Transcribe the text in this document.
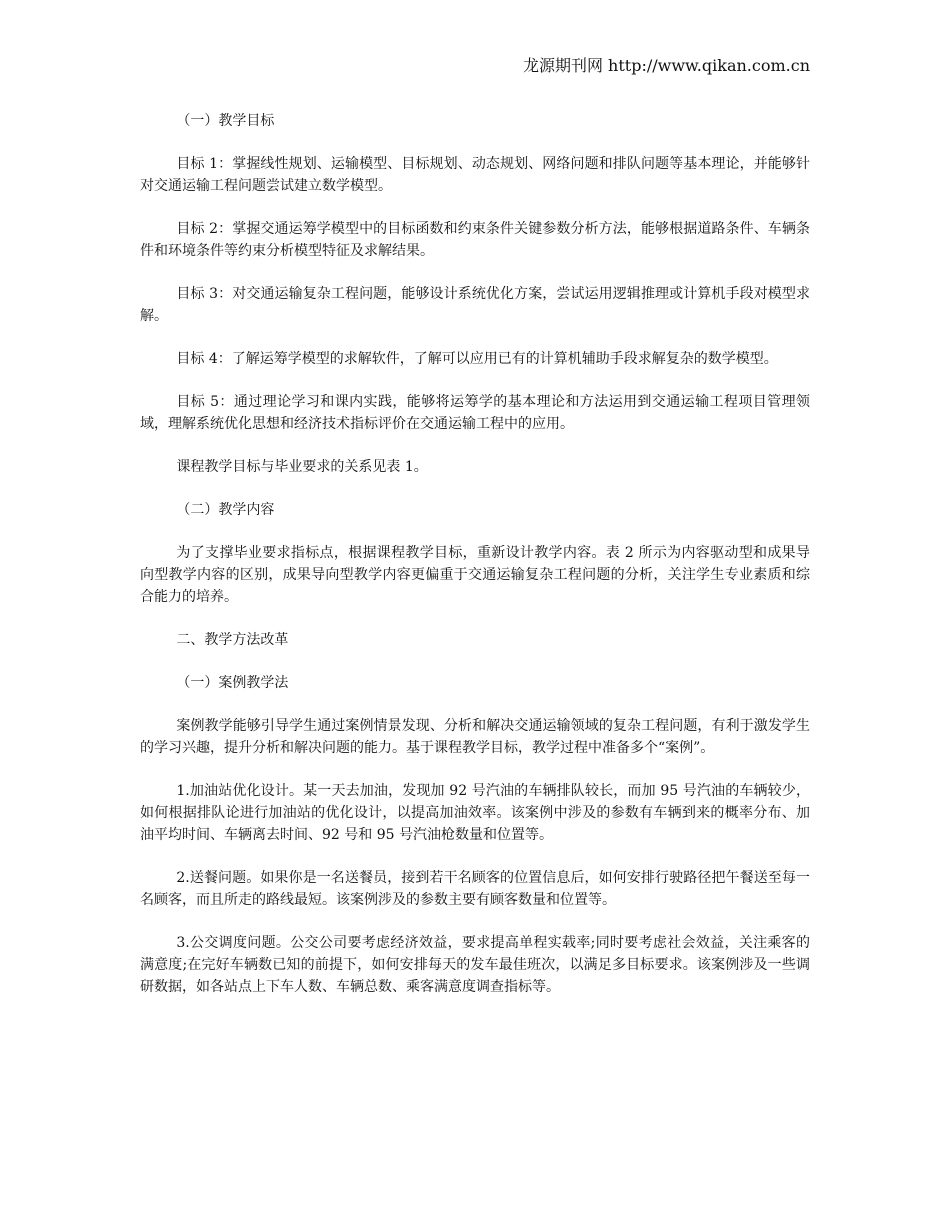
龙源期刊网 http://www.qikan.com.cn

（一）教学目标

目标 1：掌握线性规划、运输模型、目标规划、动态规划、网络问题和排队问题等基本理论，并能够针对交通运输工程问题尝试建立数学模型。

目标 2：掌握交通运筹学模型中的目标函数和约束条件关键参数分析方法，能够根据道路条件、车辆条件和环境条件等约束分析模型特征及求解结果。

目标 3：对交通运输复杂工程问题，能够设计系统优化方案，尝试运用逻辑推理或计算机手段对模型求解。

目标 4：了解运筹学模型的求解软件，了解可以应用已有的计算机辅助手段求解复杂的数学模型。

目标 5：通过理论学习和课内实践，能够将运筹学的基本理论和方法运用到交通运输工程项目管理领域，理解系统优化思想和经济技术指标评价在交通运输工程中的应用。

课程教学目标与毕业要求的关系见表 1。

（二）教学内容

为了支撑毕业要求指标点，根据课程教学目标，重新设计教学内容。表 2 所示为内容驱动型和成果导向型教学内容的区别，成果导向型教学内容更偏重于交通运输复杂工程问题的分析，关注学生专业素质和综合能力的培养。

二、教学方法改革

（一）案例教学法

案例教学能够引导学生通过案例情景发现、分析和解决交通运输领域的复杂工程问题，有利于激发学生的学习兴趣，提升分析和解决问题的能力。基于课程教学目标，教学过程中准备多个“案例”。

1.加油站优化设计。某一天去加油，发现加 92 号汽油的车辆排队较长，而加 95 号汽油的车辆较少，如何根据排队论进行加油站的优化设计，以提高加油效率。该案例中涉及的参数有车辆到来的概率分布、加油平均时间、车辆离去时间、92 号和 95 号汽油枪数量和位置等。

2.送餐问题。如果你是一名送餐员，接到若干名顾客的位置信息后，如何安排行驶路径把午餐送至每一名顾客，而且所走的路线最短。该案例涉及的参数主要有顾客数量和位置等。

3.公交调度问题。公交公司要考虑经济效益，要求提高单程实载率;同时要考虑社会效益，关注乘客的满意度;在完好车辆数已知的前提下，如何安排每天的发车最佳班次，以满足多目标要求。该案例涉及一些调研数据，如各站点上下车人数、车辆总数、乘客满意度调查指标等。
